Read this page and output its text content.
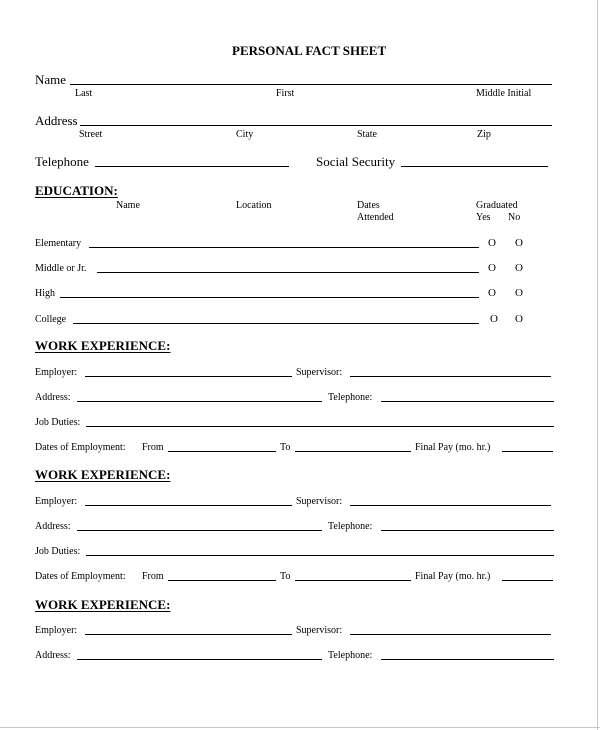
PERSONAL FACT SHEET
Name
Last	First	Middle Initial
Address
Street	City	State	Zip
Telephone	Social Security
EDUCATION:
Name	Location	Dates
Attended
Graduated
Yes No
Elementary	O O
Middle or Jr.	O O
High	O O
College	O O
WORK EXPERIENCE:
Employer:	Supervisor:
Address:	Telephone:
Job Duties:
Dates of Employment: From	To	Final Pay (mo. hr.)
WORK EXPERIENCE:
Employer:	Supervisor:
Address:	Telephone:
Job Duties:
Dates of Employment: From	To	Final Pay (mo. hr.)
WORK EXPERIENCE:
Employer:	Supervisor:
Address:	Telephone:
